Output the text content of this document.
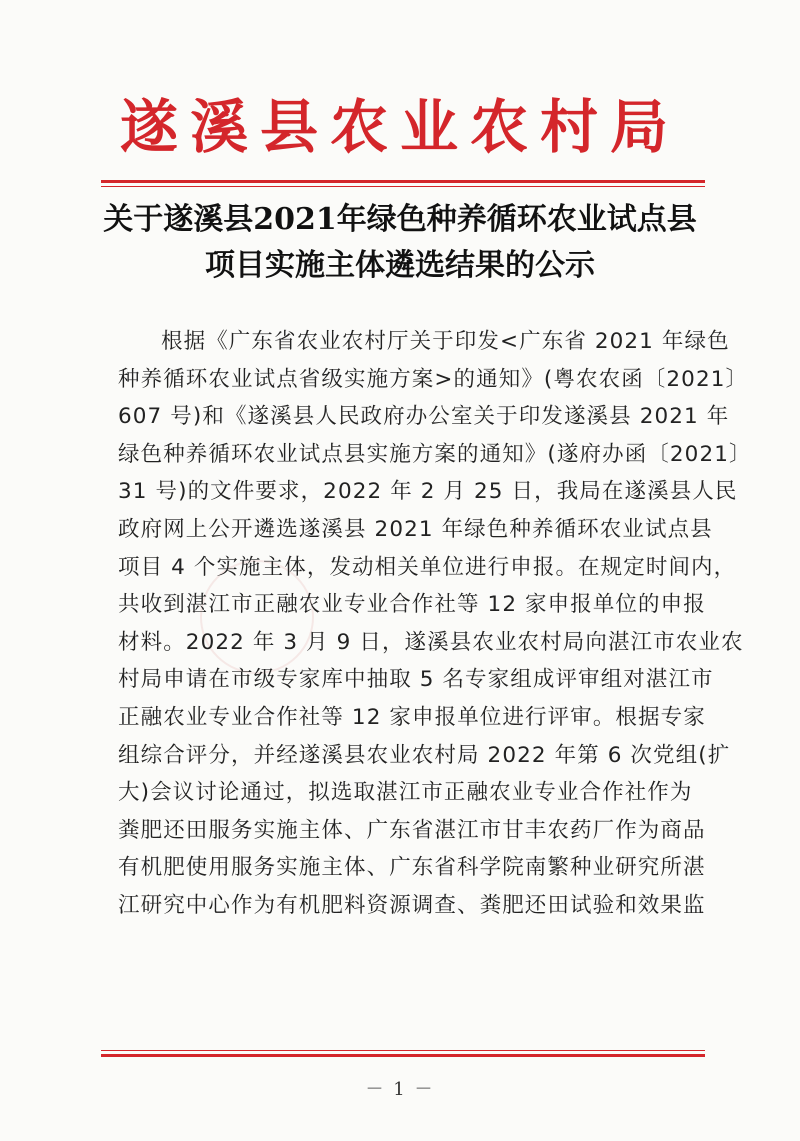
遂溪县农业农村局
关于遂溪县2021年绿色种养循环农业试点县
项目实施主体遴选结果的公示
根据《广东省农业农村厅关于印发<广东省 2021 年绿色
种养循环农业试点省级实施方案>的通知》(粤农农函〔2021〕
607 号)和《遂溪县人民政府办公室关于印发遂溪县 2021 年
绿色种养循环农业试点县实施方案的通知》(遂府办函〔2021〕
31 号)的文件要求，2022 年 2 月 25 日，我局在遂溪县人民
政府网上公开遴选遂溪县 2021 年绿色种养循环农业试点县
项目 4 个实施主体，发动相关单位进行申报。在规定时间内，
共收到湛江市正融农业专业合作社等 12 家申报单位的申报
材料。2022 年 3 月 9 日，遂溪县农业农村局向湛江市农业农
村局申请在市级专家库中抽取 5 名专家组成评审组对湛江市
正融农业专业合作社等 12 家申报单位进行评审。根据专家
组综合评分，并经遂溪县农业农村局 2022 年第 6 次党组(扩
大)会议讨论通过，拟选取湛江市正融农业专业合作社作为
粪肥还田服务实施主体、广东省湛江市甘丰农药厂作为商品
有机肥使用服务实施主体、广东省科学院南繁种业研究所湛
江研究中心作为有机肥料资源调查、粪肥还田试验和效果监
－ 1 －
